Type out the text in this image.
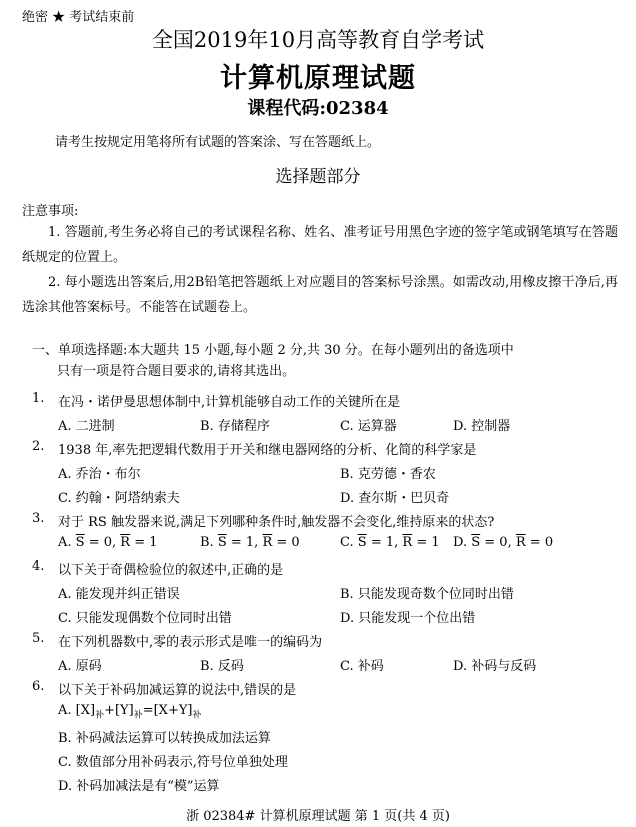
绝密 ★ 考试结束前
全国2019年10月高等教育自学考试
计算机原理试题
课程代码:02384
请考生按规定用笔将所有试题的答案涂、写在答题纸上。
选择题部分
注意事项:
1. 答题前,考生务必将自己的考试课程名称、姓名、准考证号用黑色字迹的签字笔或钢笔填写在答题纸规定的位置上。
2. 每小题选出答案后,用2B铅笔把答题纸上对应题目的答案标号涂黑。如需改动,用橡皮擦干净后,再选涂其他答案标号。不能答在试题卷上。
一、单项选择题:本大题共 15 小题,每小题 2 分,共 30 分。在每小题列出的备选项中
只有一项是符合题目要求的,请将其选出。
1. 在冯・诺伊曼思想体制中,计算机能够自动工作的关键所在是
A. 二进制	B. 存储程序	C. 运算器	D. 控制器
2. 1938 年,率先把逻辑代数用于开关和继电器网络的分析、化简的科学家是
A. 乔治・布尔	B. 克劳德・香农
C. 约翰・阿塔纳索夫	D. 查尔斯・巴贝奇
3. 对于 RS 触发器来说,满足下列哪种条件时,触发器不会变化,维持原来的状态?
A. $\overline{S} = 0$, $\overline{R} = 1$	B. $\overline{S} = 1$, $\overline{R} = 0$	C. $\overline{S} = 1$, $\overline{R} = 1$ D. $\overline{S} = 0$, $\overline{R} = 0$
4. 以下关于奇偶检验位的叙述中,正确的是
A. 能发现并纠正错误	B. 只能发现奇数个位同时出错
C. 只能发现偶数个位同时出错	D. 只能发现一个位出错
5. 在下列机器数中,零的表示形式是唯一的编码为
A. 原码	B. 反码	C. 补码	D. 补码与反码
6. 以下关于补码加减运算的说法中,错误的是
A. $[X]_补+[Y]_补=[X+Y]_补$
B. 补码减法运算可以转换成加法运算
C. 数值部分用补码表示,符号位单独处理
D. 补码加减法是有“模”运算
浙 02384# 计算机原理试题 第 1 页(共 4 页)
